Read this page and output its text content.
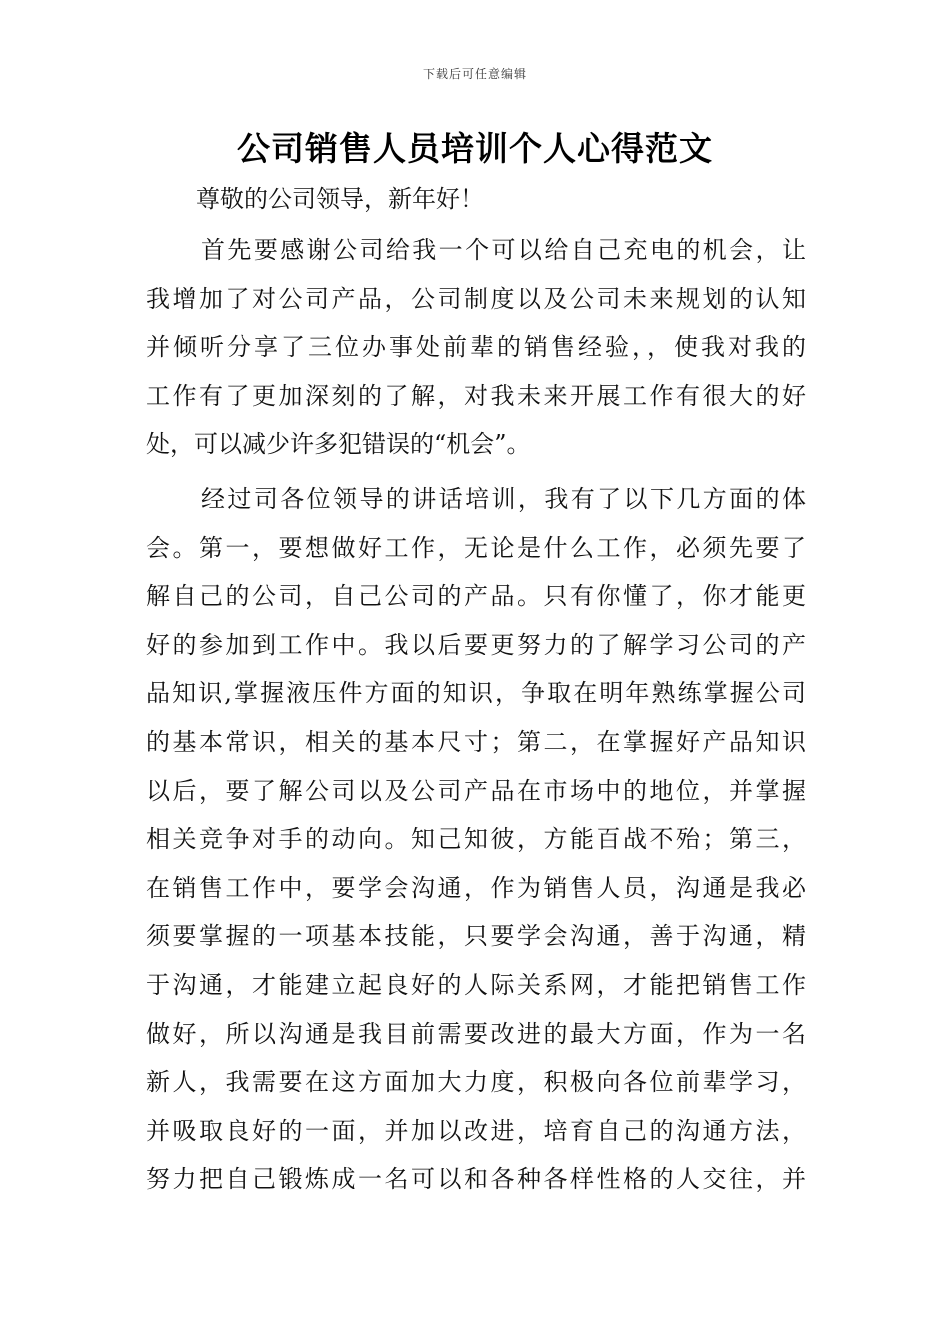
下载后可任意编辑
公司销售人员培训个人心得范文
尊敬的公司领导，新年好！
首先要感谢公司给我一个可以给自己充电的机会，让
我增加了对公司产品，公司制度以及公司未来规划的认知
并倾听分享了三位办事处前辈的销售经验，，使我对我的
工作有了更加深刻的了解，对我未来开展工作有很大的好
处，可以减少许多犯错误的“机会”。
经过司各位领导的讲话培训，我有了以下几方面的体
会。第一，要想做好工作，无论是什么工作，必须先要了
解自己的公司，自己公司的产品。只有你懂了，你才能更
好的参加到工作中。我以后要更努力的了解学习公司的产
品知识,掌握液压件方面的知识，争取在明年熟练掌握公司
的基本常识，相关的基本尺寸；第二，在掌握好产品知识
以后，要了解公司以及公司产品在市场中的地位，并掌握
相关竞争对手的动向。知己知彼，方能百战不殆；第三，
在销售工作中，要学会沟通，作为销售人员，沟通是我必
须要掌握的一项基本技能，只要学会沟通，善于沟通，精
于沟通，才能建立起良好的人际关系网，才能把销售工作
做好，所以沟通是我目前需要改进的最大方面，作为一名
新人，我需要在这方面加大力度，积极向各位前辈学习，
并吸取良好的一面，并加以改进，培育自己的沟通方法，
努力把自己锻炼成一名可以和各种各样性格的人交往，并
